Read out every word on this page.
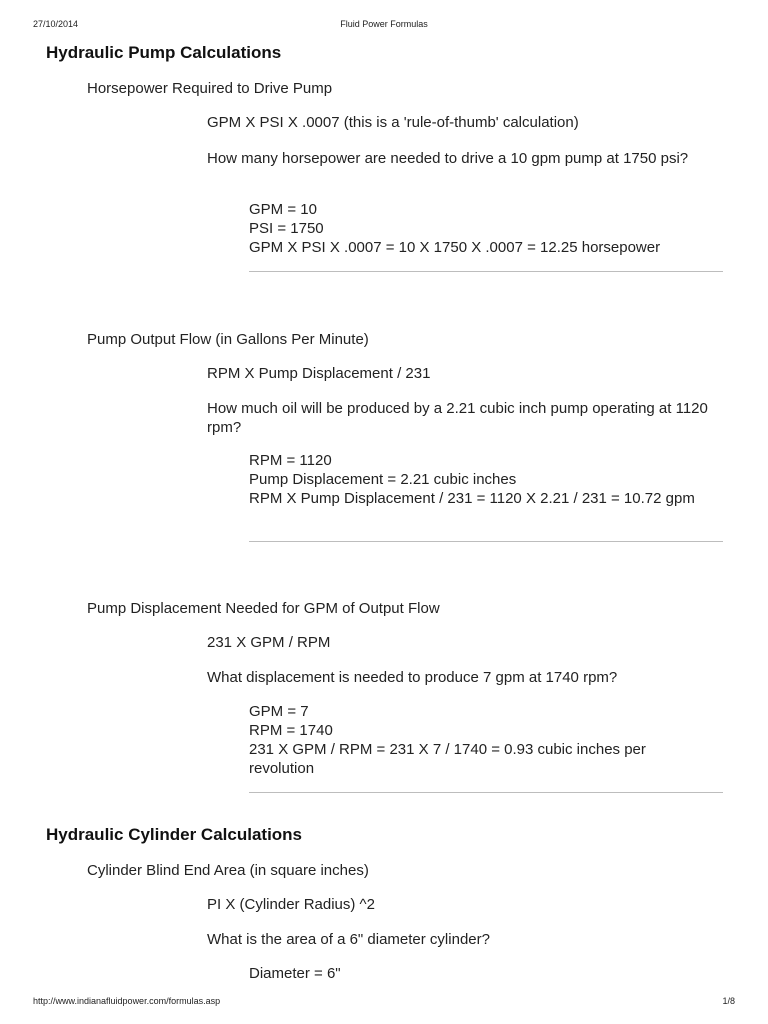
27/10/2014	Fluid Power Formulas
Hydraulic Pump Calculations
Horsepower Required to Drive Pump
GPM X PSI X .0007 (this is a 'rule-of-thumb' calculation)
How many horsepower are needed to drive a 10 gpm pump at 1750 psi?
GPM = 10
PSI = 1750
GPM X PSI X .0007 = 10 X 1750 X .0007 = 12.25 horsepower
Pump Output Flow (in Gallons Per Minute)
RPM X Pump Displacement / 231
How much oil will be produced by a 2.21 cubic inch pump operating at 1120 rpm?
RPM = 1120
Pump Displacement = 2.21 cubic inches
RPM X Pump Displacement / 231 = 1120 X 2.21 / 231 = 10.72 gpm
Pump Displacement Needed for GPM of Output Flow
231 X GPM / RPM
What displacement is needed to produce 7 gpm at 1740 rpm?
GPM = 7
RPM = 1740
231 X GPM / RPM = 231 X 7 / 1740 = 0.93 cubic inches per revolution
Hydraulic Cylinder Calculations
Cylinder Blind End Area (in square inches)
PI X (Cylinder Radius) ^2
What is the area of a 6" diameter cylinder?
Diameter = 6"
http://www.indianafluidpower.com/formulas.asp	1/8
